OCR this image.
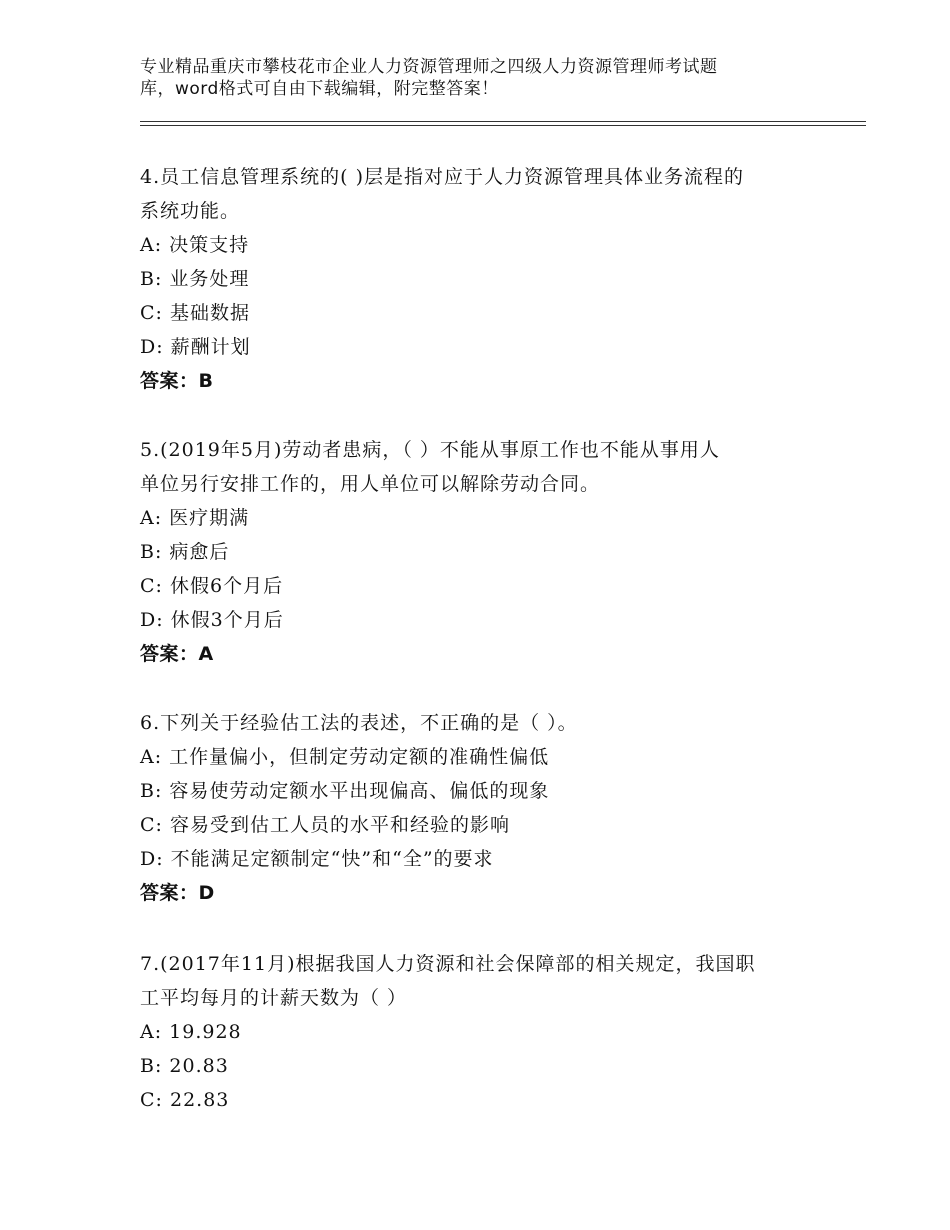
专业精品重庆市攀枝花市企业人力资源管理师之四级人力资源管理师考试题
库，word格式可自由下载编辑，附完整答案！

4.员工信息管理系统的( )层是指对应于人力资源管理具体业务流程的

系统功能。

A: 决策支持

B: 业务处理

C: 基础数据

D: 薪酬计划

答案：B

5.(2019年5月)劳动者患病，（ ）不能从事原工作也不能从事用人

单位另行安排工作的，用人单位可以解除劳动合同。

A: 医疗期满

B: 病愈后

C: 休假6个月后

D: 休假3个月后

答案：A

6.下列关于经验估工法的表述，不正确的是（ ）。

A: 工作量偏小，但制定劳动定额的准确性偏低

B: 容易使劳动定额水平出现偏高、偏低的现象

C: 容易受到估工人员的水平和经验的影响

D: 不能满足定额制定“快”和“全”的要求

答案：D

7.(2017年11月)根据我国人力资源和社会保障部的相关规定，我国职

工平均每月的计薪天数为（ ）

A: 19.928

B: 20.83

C: 22.83
